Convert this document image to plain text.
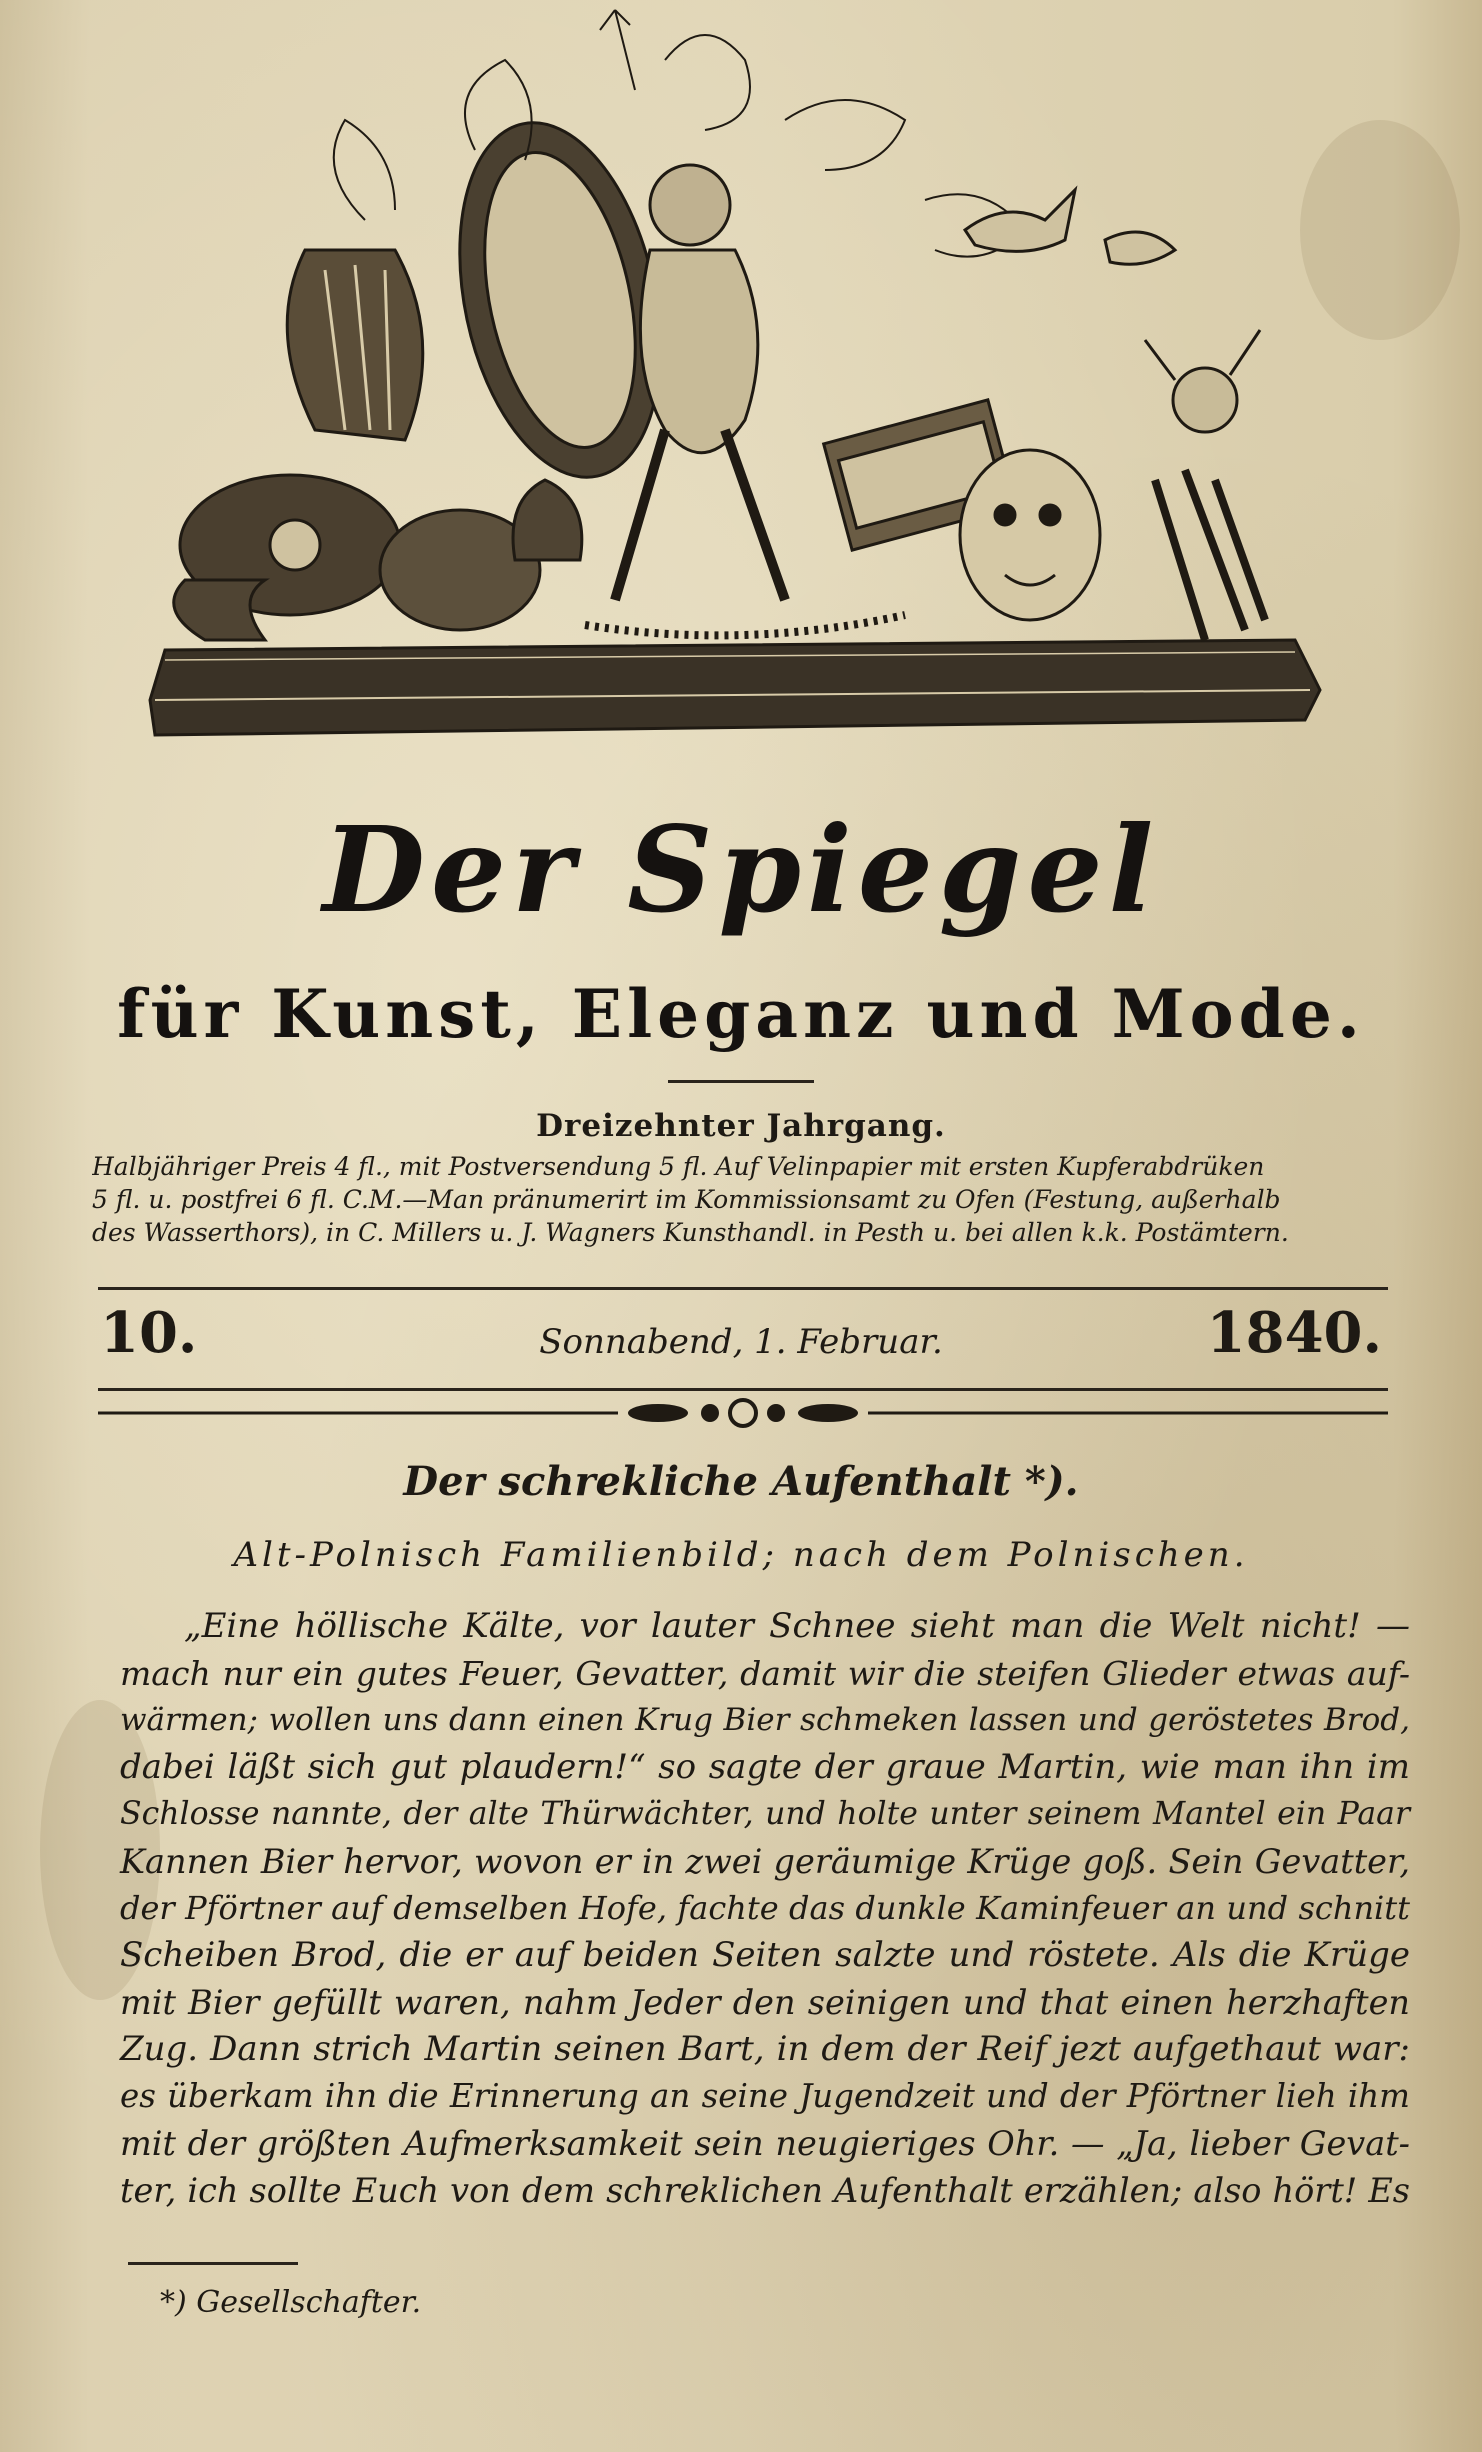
Der Spiegel
für Kunst, Eleganz und Mode.
Dreizehnter Jahrgang.
Halbjähriger Preis 4 fl., mit Postversendung 5 fl. Auf Velinpapier mit ersten Kupferabdrüken
5 fl. u. postfrei 6 fl. C.M.—Man pränumerirt im Kommissionsamt zu Ofen (Festung, außerhalb
des Wasserthors), in C. Millers u. J. Wagners Kunsthandl. in Pesth u. bei allen k.k. Postämtern.
10.	Sonnabend, 1. Februar.	1840.
Der schrekliche Aufenthalt *).
Alt-Polnisch Familienbild; nach dem Polnischen.
„Eine höllische Kälte, vor lauter Schnee sieht man die Welt nicht! —
mach nur ein gutes Feuer, Gevatter, damit wir die steifen Glieder etwas auf-
wärmen; wollen uns dann einen Krug Bier schmeken lassen und geröstetes Brod,
dabei läßt sich gut plaudern!“ so sagte der graue Martin, wie man ihn im
Schlosse nannte, der alte Thürwächter, und holte unter seinem Mantel ein Paar
Kannen Bier hervor, wovon er in zwei geräumige Krüge goß. Sein Gevatter,
der Pförtner auf demselben Hofe, fachte das dunkle Kaminfeuer an und schnitt
Scheiben Brod, die er auf beiden Seiten salzte und röstete. Als die Krüge
mit Bier gefüllt waren, nahm Jeder den seinigen und that einen herzhaften
Zug. Dann strich Martin seinen Bart, in dem der Reif jezt aufgethaut war:
es überkam ihn die Erinnerung an seine Jugendzeit und der Pförtner lieh ihm
mit der größten Aufmerksamkeit sein neugieriges Ohr. — „Ja, lieber Gevat-
ter, ich sollte Euch von dem schreklichen Aufenthalt erzählen; also hört! Es
*) Gesellschafter.
